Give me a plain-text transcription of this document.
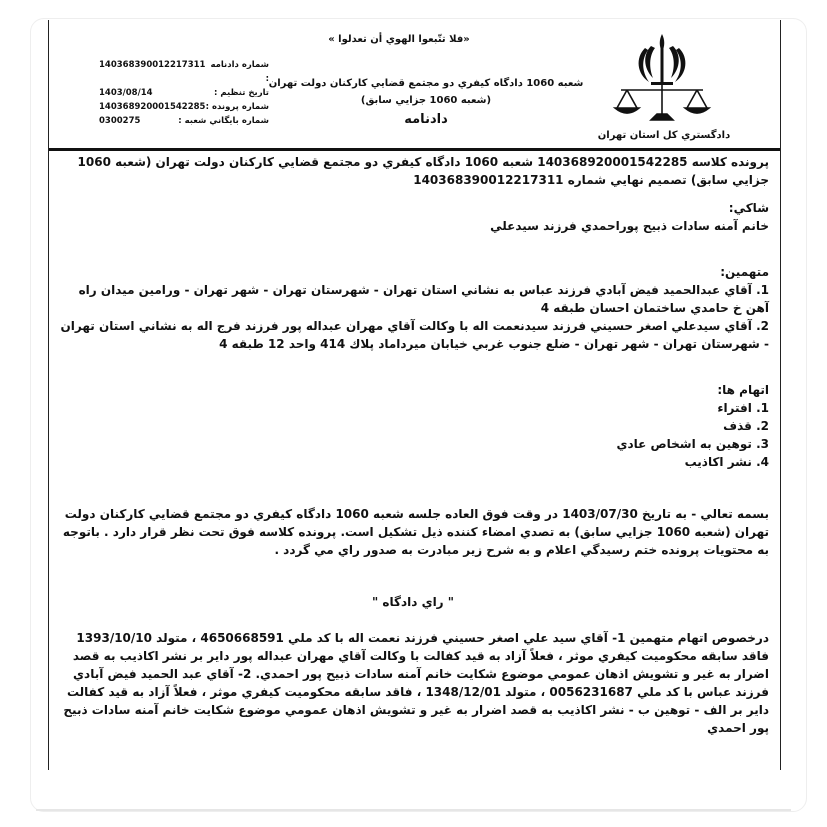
«فلا تتّبعوا الهوي أن تعدلوا »
140368390012217311 شماره دادنامه :
1403/08/14	تاريخ تنظيم :
140368920001542285 شماره پرونده :
0300275	شماره بايگاني شعبه :
شعبه 1060 دادگاه كيفري دو مجتمع قضايي كاركنان دولت تهران
(شعبه 1060 جزايي سابق)
دادنامه
دادگستري كل استان تهران

پرونده كلاسه 140368920001542285 شعبه 1060 دادگاه كيفري دو مجتمع قضايي كاركنان دولت تهران (شعبه 1060 جزايي سابق) تصميم نهايي شماره 140368390012217311

شاكي:

خانم آمنه سادات ذبيح پوراحمدي فرزند سيدعلي

متهمين:

1. آقاي عبدالحميد فيض آبادي فرزند عباس به نشاني استان تهران - شهرستان تهران - شهر تهران - ورامين ميدان راه آهن خ حامدي ساختمان احسان طبقه 4

2. آقاي سيدعلي اصغر حسيني فرزند سيدنعمت اله با وكالت آقاي مهران عبداله پور فرزند فرج اله به نشاني استان تهران - شهرستان تهران - شهر تهران - ضلع جنوب غربي خيابان ميرداماد پلاك 414 واحد 12 طبقه 4

اتهام ها:

1. افتراء

2. قذف

3. توهين به اشخاص عادي

4. نشر اكاذيب

بسمه تعالي - به تاريخ 1403/07/30 در وقت فوق العاده جلسه شعبه 1060 دادگاه كيفري دو مجتمع قضايي كاركنان دولت تهران (شعبه 1060 جزايي سابق) به تصدي امضاء كننده ذيل تشكيل است. پرونده كلاسه فوق تحت نظر قرار دارد . باتوجه به محتويات پرونده ختم رسيدگي اعلام و به شرح زير مبادرت به صدور راي مي گردد .

" راي دادگاه "

درخصوص اتهام متهمين 1- آقاي سيد علي اصغر حسيني فرزند نعمت اله با كد ملي 4650668591 ، متولد 1393/10/10 فاقد سابقه محكوميت كيفري موثر ، فعلاً آزاد به قيد كفالت با وكالت آقاي مهران عبداله پور داير بر نشر اكاذيب به قصد اضرار به غير و تشويش اذهان عمومي موضوع شكايت خانم آمنه سادات ذبيح پور احمدي. 2- آقاي عبد الحميد فيض آبادي فرزند عباس با كد ملي 0056231687 ، متولد 1348/12/01 ، فاقد سابقه محكوميت كيفري موثر ، فعلاً آزاد به قيد كفالت داير بر الف - توهين ب - نشر اكاذيب به قصد اضرار به غير و تشويش اذهان عمومي موضوع شكايت خانم آمنه سادات ذبيح پور احمدي
